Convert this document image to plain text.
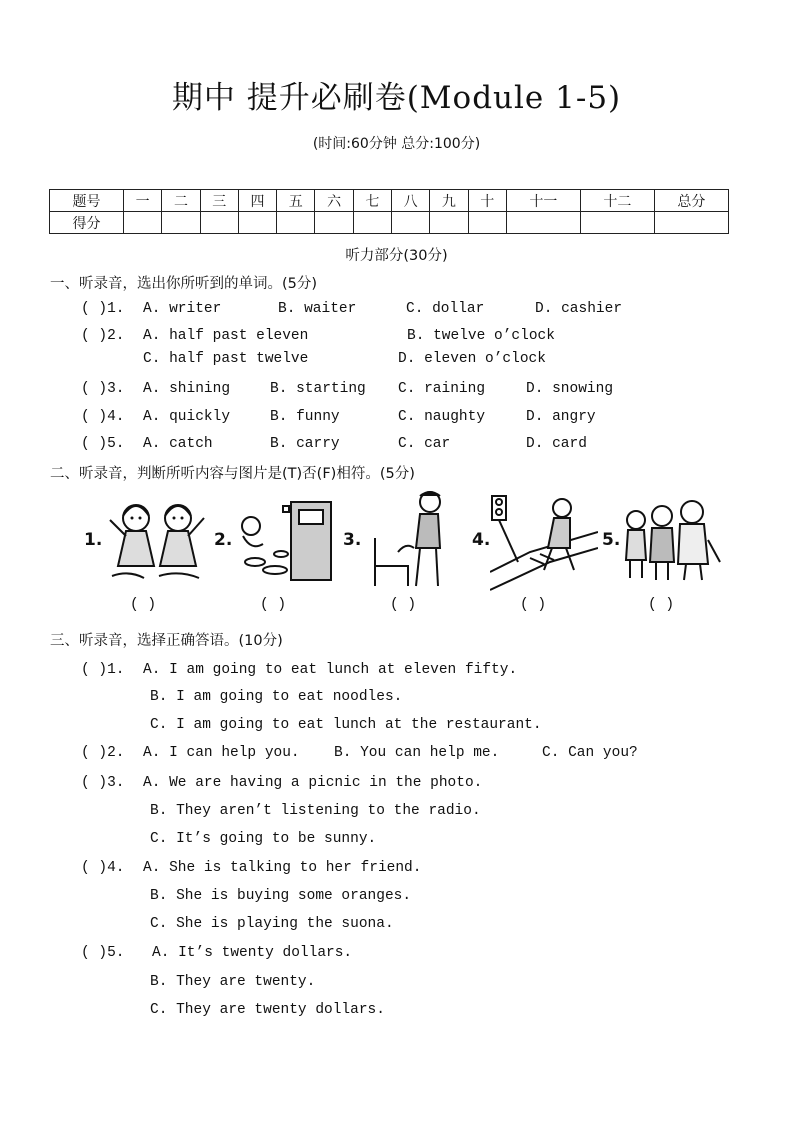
期中 提升必刷卷(Module 1-5)
(时间:60分钟 总分:100分)
题号	一	二	三	四	五	六	七	八	九	十	十一	十二	总分
得分													
听力部分(30分)
一、听录音，选出你所听到的单词。(5分)
( )1. A. writer	B. waiter	C. dollar	D. cashier
( )2. A. half past eleven	B. twelve o’clock
C. half past twelve	D. eleven o’clock
( )3. A. shining	B. starting C. raining	D. snowing
( )4. A. quickly	B. funny	C. naughty	D. angry
( )5. A. catch	B. carry	C. car	D. card
二、听录音，判断所听内容与图片是(T)否(F)相符。(5分)
1.
( )
2.
( )
3.
( )
4.
( )
5.
( )
三、听录音，选择正确答语。(10分)
( )1. A. I am going to eat lunch at eleven fifty.
B. I am going to eat noodles.
C. I am going to eat lunch at the restaurant.
( )2. A. I can help you. B. You can help me.	C. Can you?
( )3. A. We are having a picnic in the photo.
B. They aren’t listening to the radio.
C. It’s going to be sunny.
( )4. A. She is talking to her friend.
B. She is buying some oranges.
C. She is playing the suona.
( )5. A. It’s twenty dollars.
B. They are twenty.
C. They are twenty dollars.
